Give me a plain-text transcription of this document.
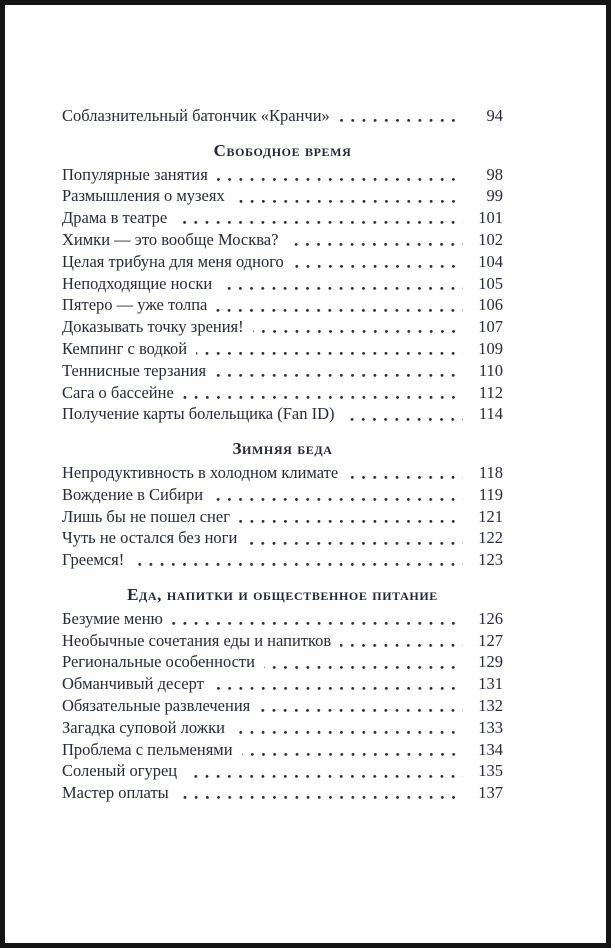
Соблазнительный батончик «Кранчи»	94
Свободное время
Популярные занятия	98
Размышления о музеях	99
Драма в театре	101
Химки — это вообще Москва?	102
Целая трибуна для меня одного	104
Неподходящие носки	105
Пятеро — уже толпа	106
Доказывать точку зрения!	107
Кемпинг с водкой	109
Теннисные терзания	110
Сага о бассейне	112
Получение карты болельщика (Fan ID)	114
Зимняя беда
Непродуктивность в холодном климате	118
Вождение в Сибири	119
Лишь бы не пошел снег	121
Чуть не остался без ноги	122
Греемся!	123
Еда, напитки и общественное питание
Безумие меню	126
Необычные сочетания еды и напитков	127
Региональные особенности	129
Обманчивый десерт	131
Обязательные развлечения	132
Загадка суповой ложки	133
Проблема с пельменями	134
Соленый огурец	135
Мастер оплаты	137
